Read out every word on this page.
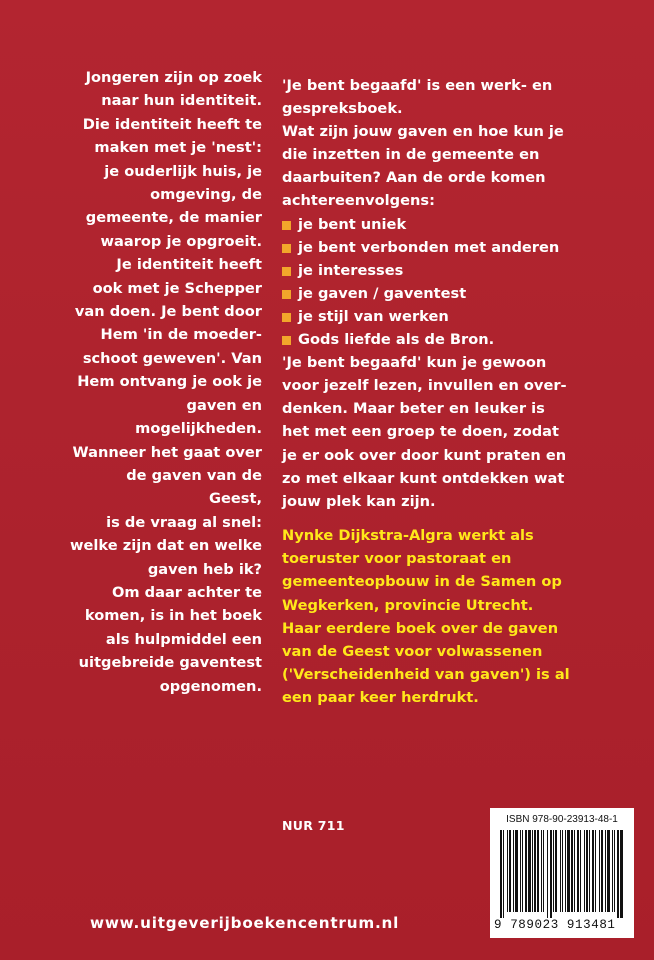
Jongeren zijn op zoek

naar hun identiteit.

Die identiteit heeft te

maken met je 'nest':

je ouderlijk huis, je

omgeving, de

gemeente, de manier

waarop je opgroeit.

Je identiteit heeft

ook met je Schepper

van doen. Je bent door

Hem 'in de moeder-

schoot geweven'. Van

Hem ontvang je ook je

gaven en mogelijkheden.

Wanneer het gaat over

de gaven van de Geest,

is de vraag al snel:

welke zijn dat en welke

gaven heb ik?

Om daar achter te

komen, is in het boek

als hulpmiddel een

uitgebreide gaventest

opgenomen.

'Je bent begaafd' is een werk- en

gespreksboek.

Wat zijn jouw gaven en hoe kun je

die inzetten in de gemeente en

daarbuiten? Aan de orde komen

achtereenvolgens:

je bent uniek
je bent verbonden met anderen
je interesses
je gaven / gaventest
je stijl van werken
Gods liefde als de Bron.

'Je bent begaafd' kun je gewoon

voor jezelf lezen, invullen en over-

denken. Maar beter en leuker is

het met een groep te doen, zodat

je er ook over door kunt praten en

zo met elkaar kunt ontdekken wat

jouw plek kan zijn.

Nynke Dijkstra-Algra werkt als

toeruster voor pastoraat en

gemeenteopbouw in de Samen op

Wegkerken, provincie Utrecht.

Haar eerdere boek over de gaven

van de Geest voor volwassenen

('Verscheidenheid van gaven') is al

een paar keer herdrukt.

NUR 711
www.uitgeverijboekencentrum.nl
ISBN 978-90-23913-48-1
9 789023 913481
